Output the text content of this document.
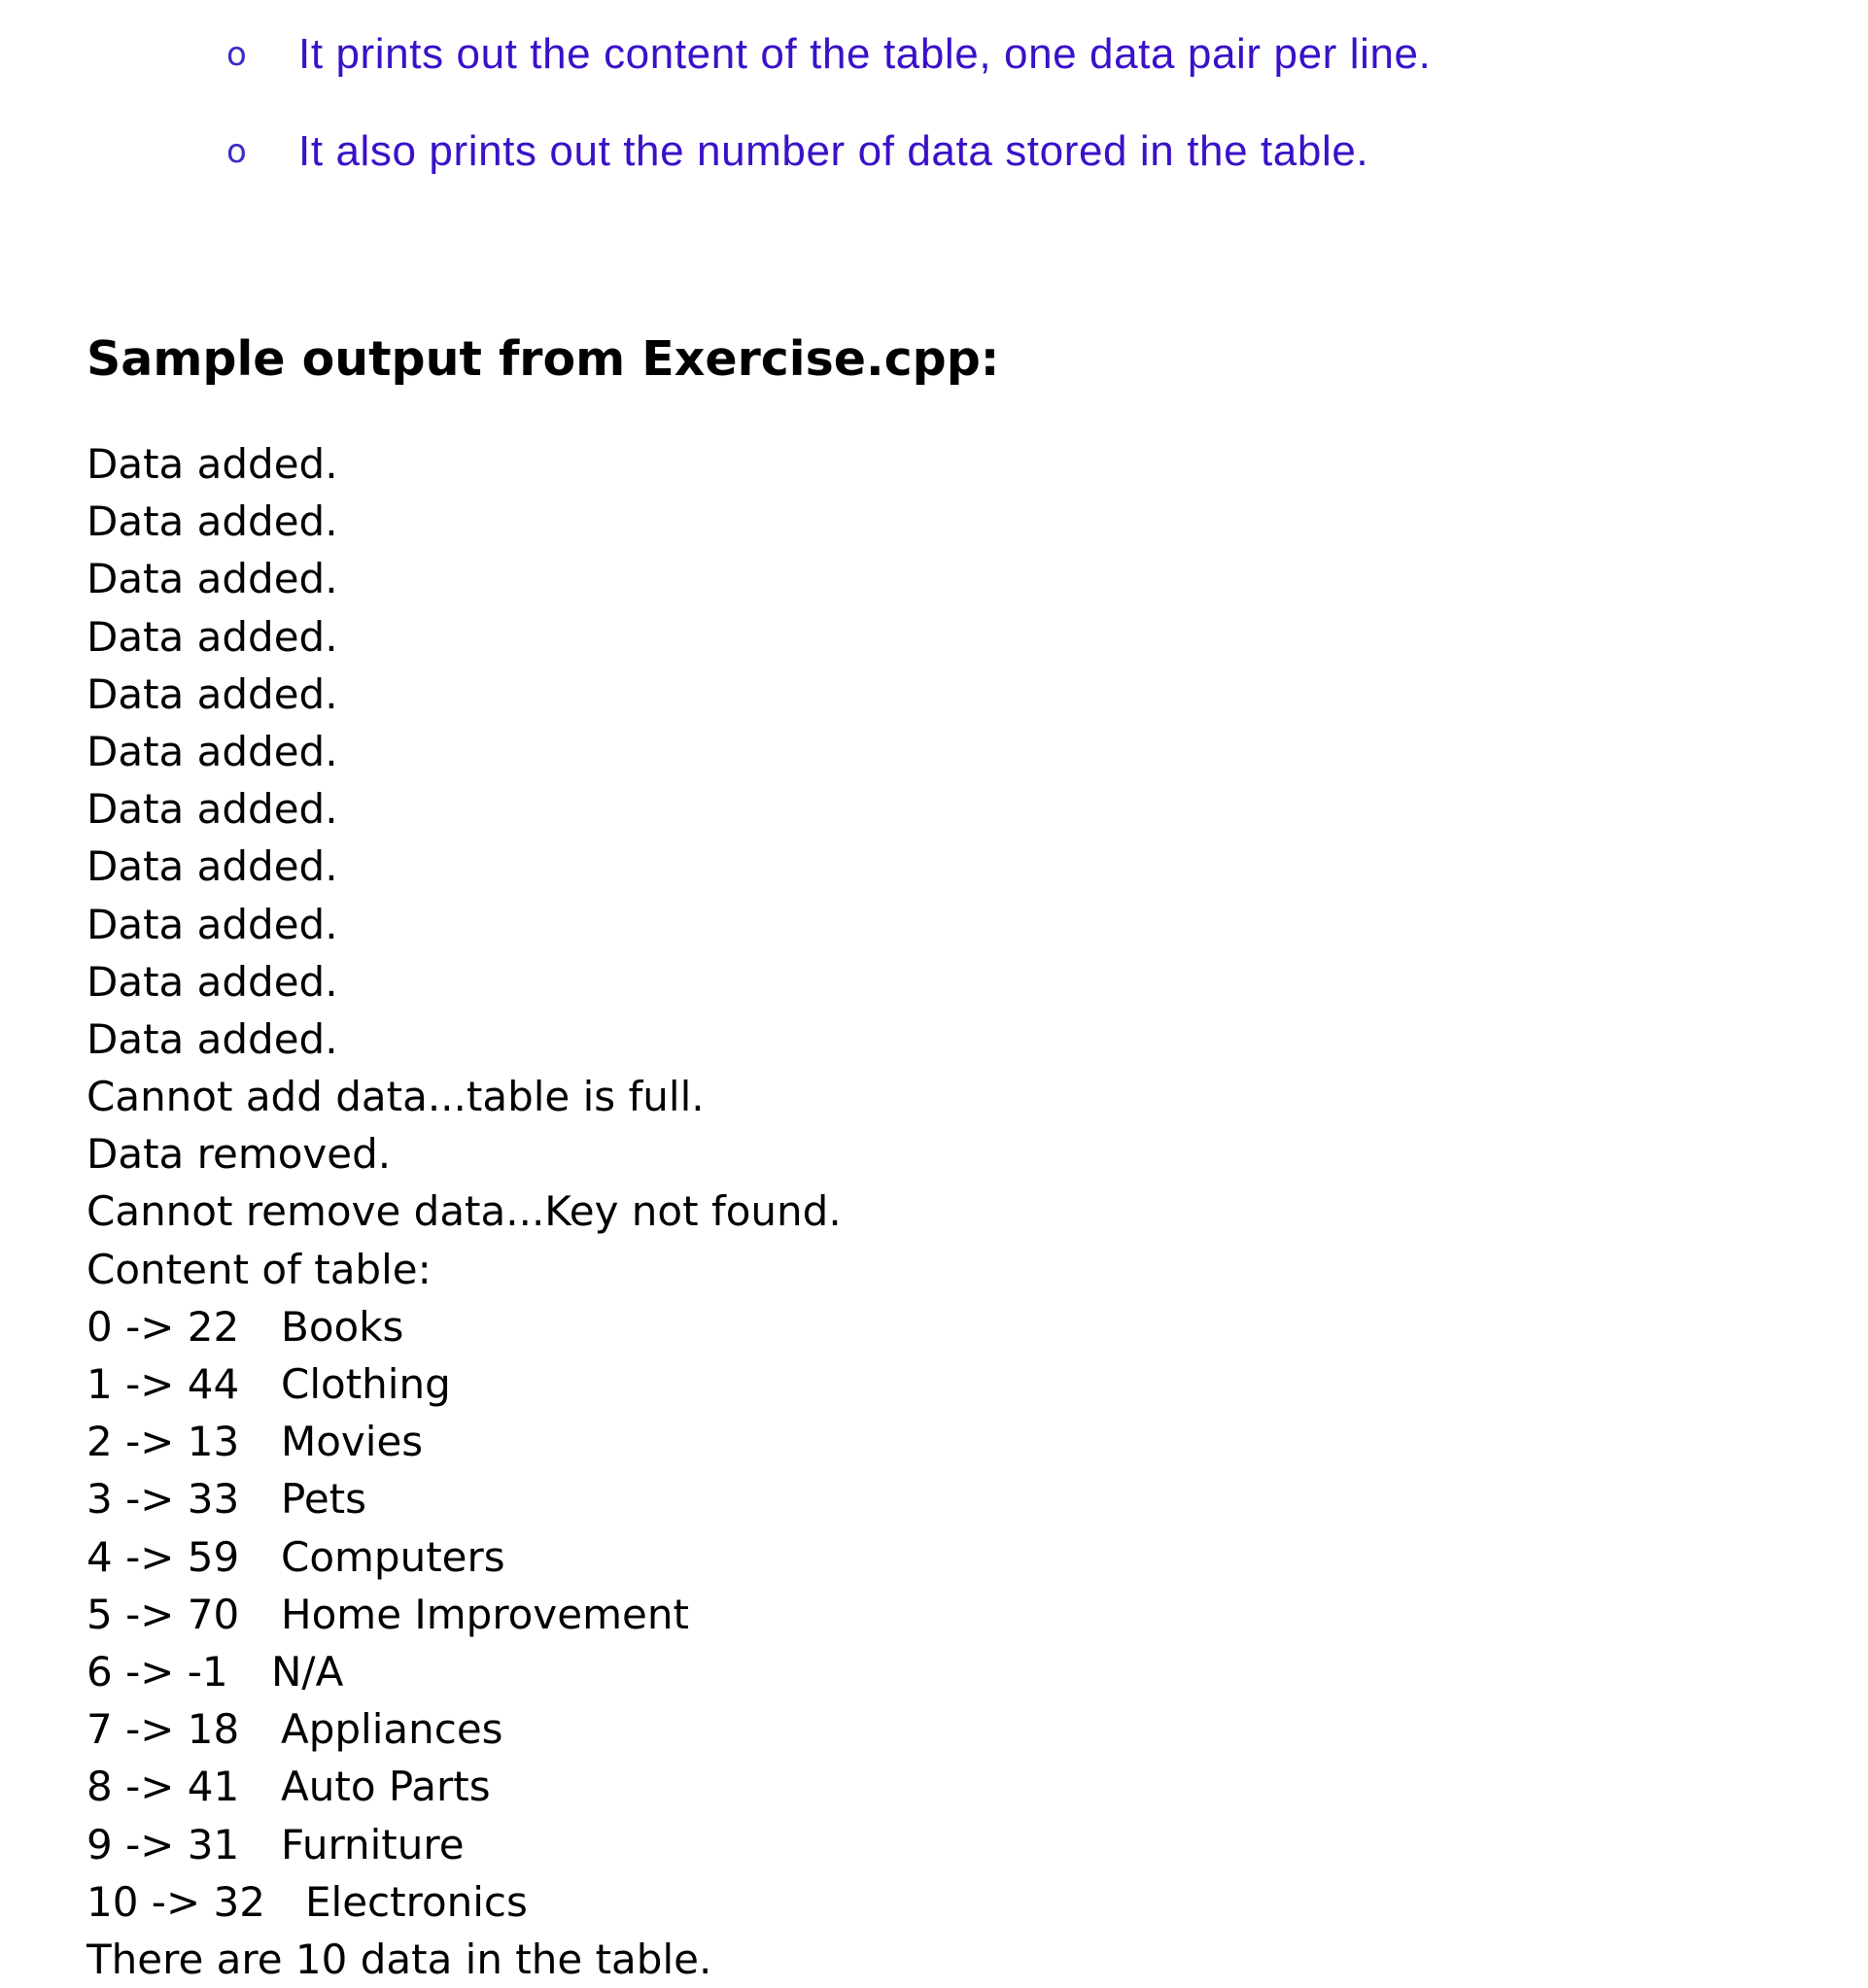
o It prints out the content of the table, one data pair per line.
o It also prints out the number of data stored in the table.
Sample output from Exercise.cpp:
Data added.
Data added.
Data added.
Data added.
Data added.
Data added.
Data added.
Data added.
Data added.
Data added.
Data added.
Cannot add data...table is full.
Data removed.
Cannot remove data...Key not found.
Content of table:
0 -> 22 Books
1 -> 44 Clothing
2 -> 13 Movies
3 -> 33 Pets
4 -> 59 Computers
5 -> 70 Home Improvement
6 -> -1 N/A
7 -> 18 Appliances
8 -> 41 Auto Parts
9 -> 31 Furniture
10 -> 32 Electronics
There are 10 data in the table.
